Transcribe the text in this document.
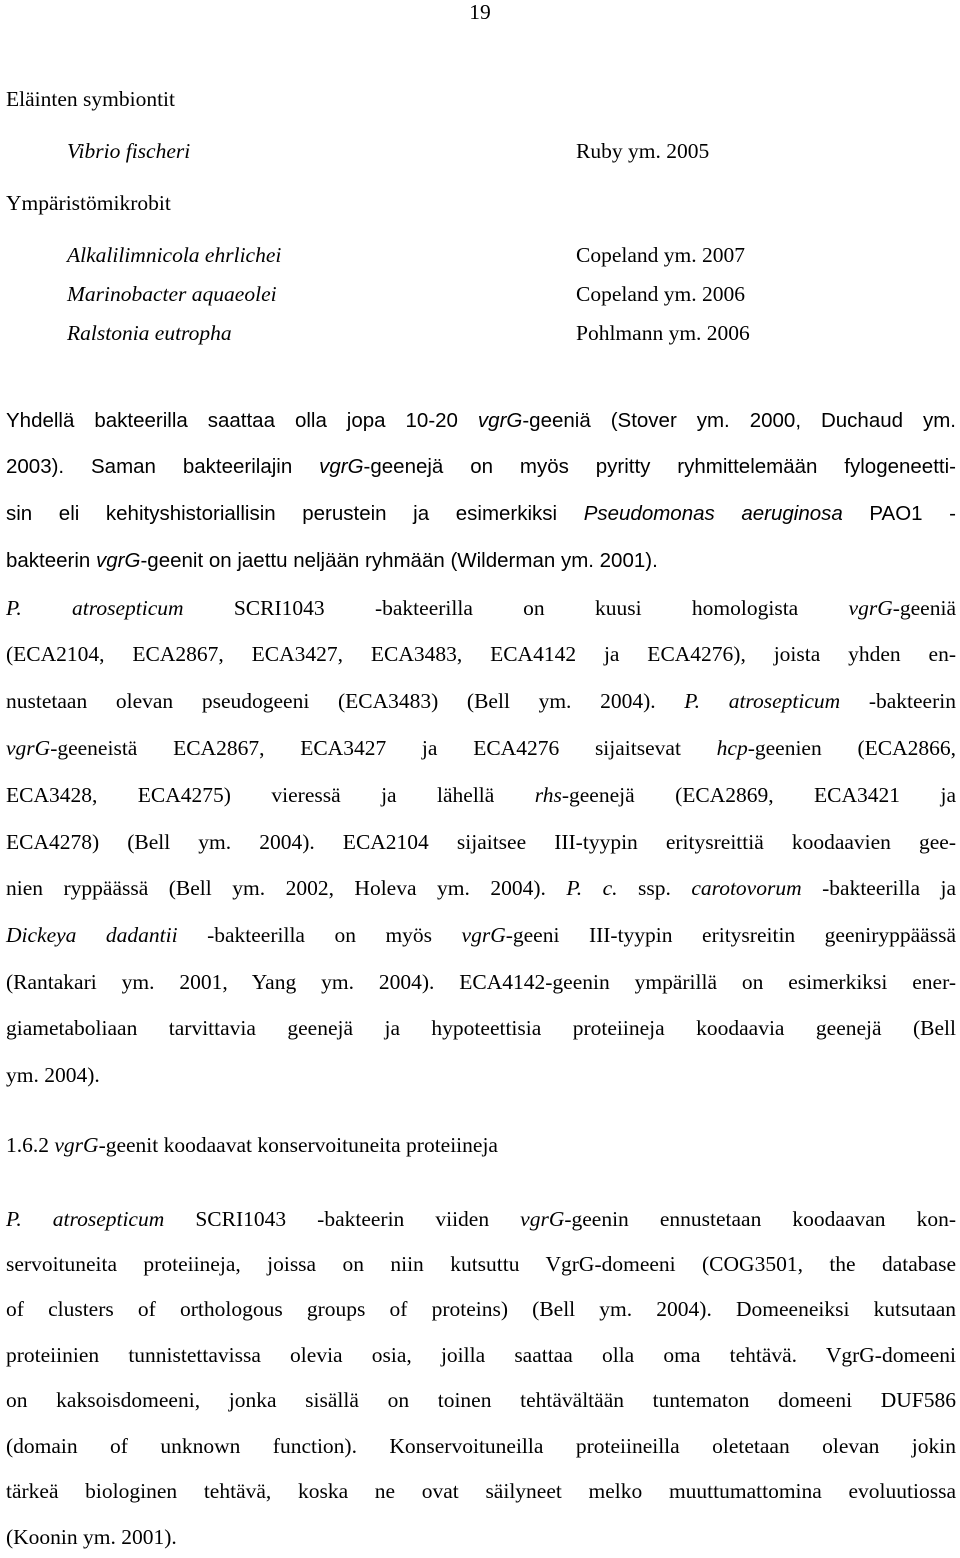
19
Eläinten symbiontit
Vibrio fischeri	Ruby ym. 2005
Ympäristömikrobit
Alkalilimnicola ehrlichei	Copeland ym. 2007
Marinobacter aquaeolei	Copeland ym. 2006
Ralstonia eutropha	Pohlmann ym. 2006
Yhdellä bakteerilla saattaa olla jopa 10-20 vgrG-geeniä (Stover ym. 2000, Duchaud ym.
2003). Saman bakteerilajin vgrG-geenejä on myös pyritty ryhmittelemään fylogeneetti-
sin eli kehityshistoriallisin perustein ja esimerkiksi Pseudomonas aeruginosa PAO1 -
bakteerin vgrG-geenit on jaettu neljään ryhmään (Wilderman ym. 2001).
P. atrosepticum SCRI1043 -bakteerilla on kuusi homologista vgrG-geeniä
(ECA2104, ECA2867, ECA3427, ECA3483, ECA4142 ja ECA4276), joista yhden en-
nustetaan olevan pseudogeeni (ECA3483) (Bell ym. 2004). P. atrosepticum -bakteerin
vgrG-geeneistä ECA2867, ECA3427 ja ECA4276 sijaitsevat hcp-geenien (ECA2866,
ECA3428, ECA4275) vieressä ja lähellä rhs-geenejä (ECA2869, ECA3421 ja
ECA4278) (Bell ym. 2004). ECA2104 sijaitsee III-tyypin eritysreittiä koodaavien gee-
nien ryppäässä (Bell ym. 2002, Holeva ym. 2004). P. c. ssp. carotovorum -bakteerilla ja
Dickeya dadantii -bakteerilla on myös vgrG-geeni III-tyypin eritysreitin geeniryppäässä
(Rantakari ym. 2001, Yang ym. 2004). ECA4142-geenin ympärillä on esimerkiksi ener-
giametaboliaan tarvittavia geenejä ja hypoteettisia proteiineja koodaavia geenejä (Bell
ym. 2004).
1.6.2 vgrG-geenit koodaavat konservoituneita proteiineja
P. atrosepticum SCRI1043 -bakteerin viiden vgrG-geenin ennustetaan koodaavan kon-
servoituneita proteiineja, joissa on niin kutsuttu VgrG-domeeni (COG3501, the database
of clusters of orthologous groups of proteins) (Bell ym. 2004). Domeeneiksi kutsutaan
proteiinien tunnistettavissa olevia osia, joilla saattaa olla oma tehtävä. VgrG-domeeni
on kaksoisdomeeni, jonka sisällä on toinen tehtävältään tuntematon domeeni DUF586
(domain of unknown function). Konservoituneilla proteiineilla oletetaan olevan jokin
tärkeä biologinen tehtävä, koska ne ovat säilyneet melko muuttumattomina evoluutiossa
(Koonin ym. 2001).
